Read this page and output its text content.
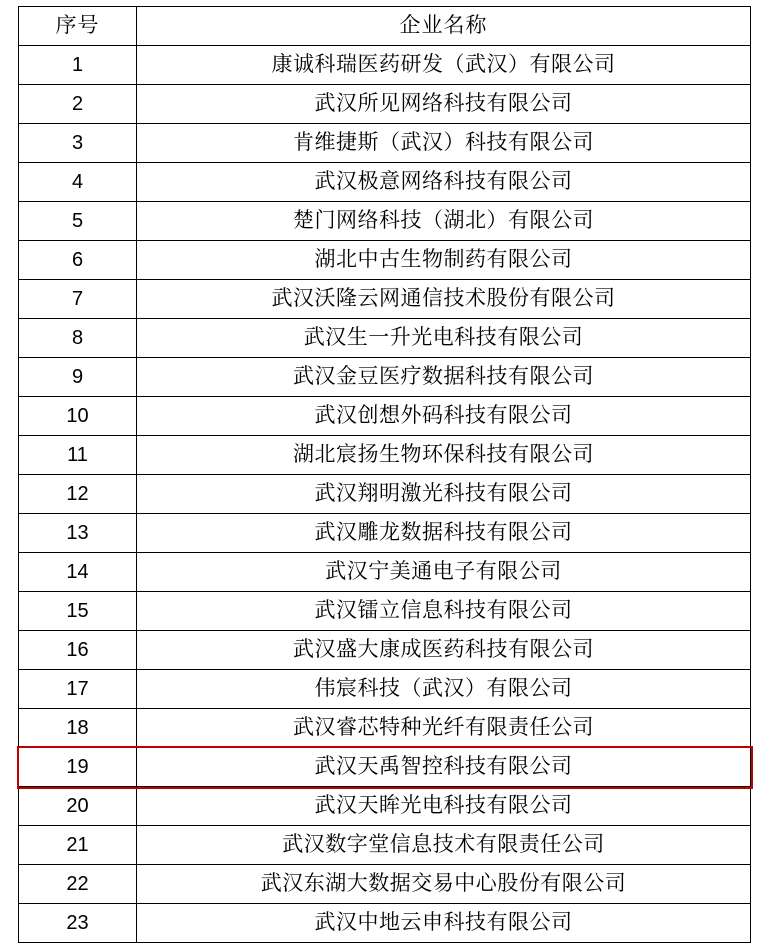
序号	企业名称
1	康诚科瑞医药研发（武汉）有限公司
2	武汉所见网络科技有限公司
3	肯维捷斯（武汉）科技有限公司
4	武汉极意网络科技有限公司
5	楚门网络科技（湖北）有限公司
6	湖北中古生物制药有限公司
7	武汉沃隆云网通信技术股份有限公司
8	武汉生一升光电科技有限公司
9	武汉金豆医疗数据科技有限公司
10	武汉创想外码科技有限公司
11	湖北宸扬生物环保科技有限公司
12	武汉翔明激光科技有限公司
13	武汉雕龙数据科技有限公司
14	武汉宁美通电子有限公司
15	武汉镭立信息科技有限公司
16	武汉盛大康成医药科技有限公司
17	伟宸科技（武汉）有限公司
18	武汉睿芯特种光纤有限责任公司
19	武汉天禹智控科技有限公司
20	武汉天眸光电科技有限公司
21	武汉数字堂信息技术有限责任公司
22	武汉东湖大数据交易中心股份有限公司
23	武汉中地云申科技有限公司
